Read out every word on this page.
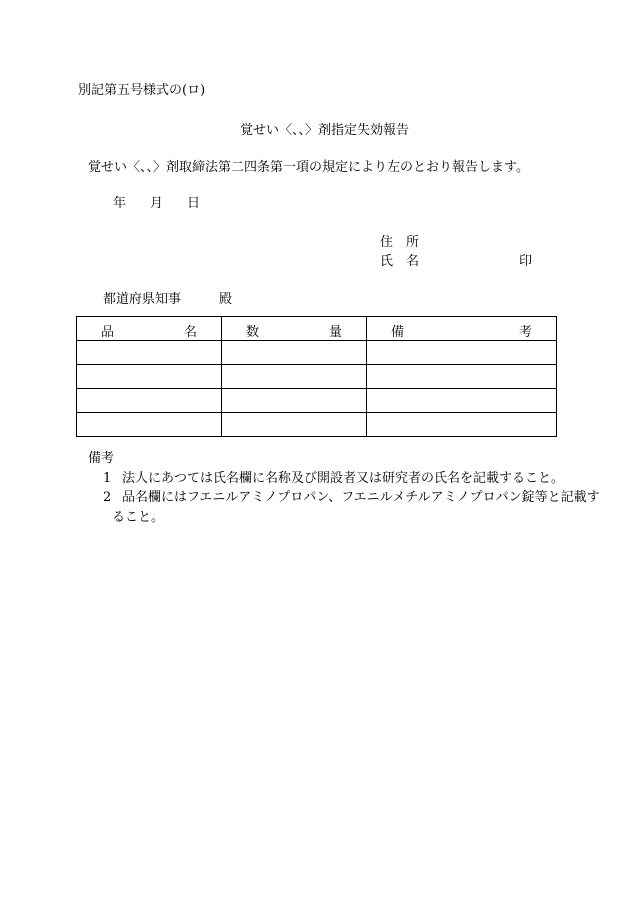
別記第五号様式の(ロ)
覚せい〈、、〉剤指定失効報告
覚せい〈、、〉剤取締法第二四条第一項の規定により左のとおり報告します。
年 月 日
住　所
氏　名	印
都道府県知事	殿
品 名	数 量	備 考

備考
1 法人にあつては氏名欄に名称及び開設者又は研究者の氏名を記載すること。
2 品名欄にはフエニルアミノプロパン、フエニルメチルアミノプロパン錠等と記載す
ること。
